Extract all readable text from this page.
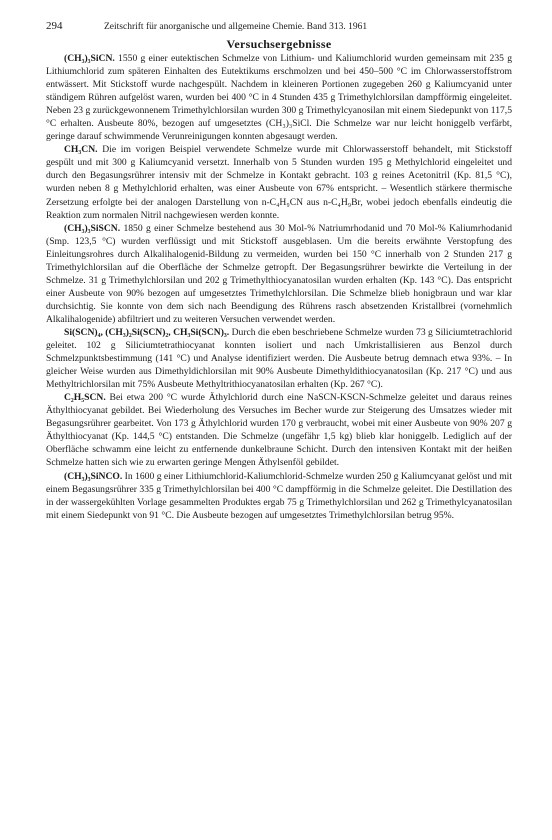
294	Zeitschrift für anorganische und allgemeine Chemie. Band 313. 1961
Versuchsergebnisse

(CH₃)₃SiCN. 1550 g einer eutektischen Schmelze von Lithium- und Kaliumchlorid wurden gemeinsam mit 235 g Lithiumchlorid zum späteren Einhalten des Eutektikums erschmolzen und bei 450–500 °C im Chlorwasserstoffstrom entwässert. Mit Stickstoff wurde nachgespült. Nachdem in kleineren Portionen zugegeben 260 g Kaliumcyanid unter ständigem Rühren aufgelöst waren, wurden bei 400 °C in 4 Stunden 435 g Trimethylchlorsilan dampfförmig eingeleitet. Neben 23 g zurückgewonnenem Trimethylchlorsilan wurden 300 g Trimethylcyanosilan mit einem Siedepunkt von 117,5 °C erhalten. Ausbeute 80%, bezogen auf umgesetztes (CH₃)₃SiCl. Die Schmelze war nur leicht honiggelb verfärbt, geringe darauf schwimmende Verunreinigungen konnten abgesaugt werden.

CH₃CN. Die im vorigen Beispiel verwendete Schmelze wurde mit Chlorwasserstoff behandelt, mit Stickstoff gespült und mit 300 g Kaliumcyanid versetzt. Innerhalb von 5 Stunden wurden 195 g Methylchlorid eingeleitet und durch den Begasungsrührer intensiv mit der Schmelze in Kontakt gebracht. 103 g reines Acetonitril (Kp. 81,5 °C), wurden neben 8 g Methylchlorid erhalten, was einer Ausbeute von 67% entspricht. – Wesentlich stärkere thermische Zersetzung erfolgte bei der analogen Darstellung von n-C₄H₉CN aus n-C₄H₉Br, wobei jedoch ebenfalls eindeutig die Reaktion zum normalen Nitril nachgewiesen werden konnte.

(CH₃)₃SiSCN. 1850 g einer Schmelze bestehend aus 30 Mol-% Natriumrhodanid und 70 Mol-% Kaliumrhodanid (Smp. 123,5 °C) wurden verflüssigt und mit Stickstoff ausgeblasen. Um die bereits erwähnte Verstopfung des Einleitungsrohres durch Alkalihalogenid-Bildung zu vermeiden, wurden bei 150 °C innerhalb von 2 Stunden 217 g Trimethylchlorsilan auf die Oberfläche der Schmelze getropft. Der Begasungsrührer bewirkte die Verteilung in der Schmelze. 31 g Trimethylchlorsilan und 202 g Trimethylthiocyanatosilan wurden erhalten (Kp. 143 °C). Das entspricht einer Ausbeute von 90% bezogen auf umgesetztes Trimethylchlorsilan. Die Schmelze blieb honigbraun und war klar durchsichtig. Sie konnte von dem sich nach Beendigung des Rührens rasch absetzenden Kristallbrei (vornehmlich Alkalihalogenide) abfiltriert und zu weiteren Versuchen verwendet werden.

Si(SCN)₄, (CH₃)₂Si(SCN)₂, CH₃Si(SCN)₃. Durch die eben beschriebene Schmelze wurden 73 g Siliciumtetrachlorid geleitet. 102 g Siliciumtetrathiocyanat konnten isoliert und nach Umkristallisieren aus Benzol durch Schmelzpunktsbestimmung (141 °C) und Analyse identifiziert werden. Die Ausbeute betrug demnach etwa 93%. – In gleicher Weise wurden aus Dimethyldichlorsilan mit 90% Ausbeute Dimethyldithiocyanatosilan (Kp. 217 °C) und aus Methyltrichlorsilan mit 75% Ausbeute Methyltrithiocyanatosilan erhalten (Kp. 267 °C).

C₂H₅SCN. Bei etwa 200 °C wurde Äthylchlorid durch eine NaSCN-KSCN-Schmelze geleitet und daraus reines Äthylthiocyanat gebildet. Bei Wiederholung des Versuches im Becher wurde zur Steigerung des Umsatzes wieder mit Begasungsrührer gearbeitet. Von 173 g Äthylchlorid wurden 170 g verbraucht, wobei mit einer Ausbeute von 90% 207 g Äthylthiocyanat (Kp. 144,5 °C) entstanden. Die Schmelze (ungefähr 1,5 kg) blieb klar honiggelb. Lediglich auf der Oberfläche schwamm eine leicht zu entfernende dunkelbraune Schicht. Durch den intensiven Kontakt mit der heißen Schmelze hatten sich wie zu erwarten geringe Mengen Äthylsenföl gebildet.

(CH₃)₃SiNCO. In 1600 g einer Lithiumchlorid-Kaliumchlorid-Schmelze wurden 250 g Kaliumcyanat gelöst und mit einem Begasungsrührer 335 g Trimethylchlorsilan bei 400 °C dampfförmig in die Schmelze geleitet. Die Destillation des in der wassergekühlten Vorlage gesammelten Produktes ergab 75 g Trimethylchlorsilan und 262 g Trimethylcyanatosilan mit einem Siedepunkt von 91 °C. Die Ausbeute bezogen auf umgesetztes Trimethylchlorsilan betrug 95%.
